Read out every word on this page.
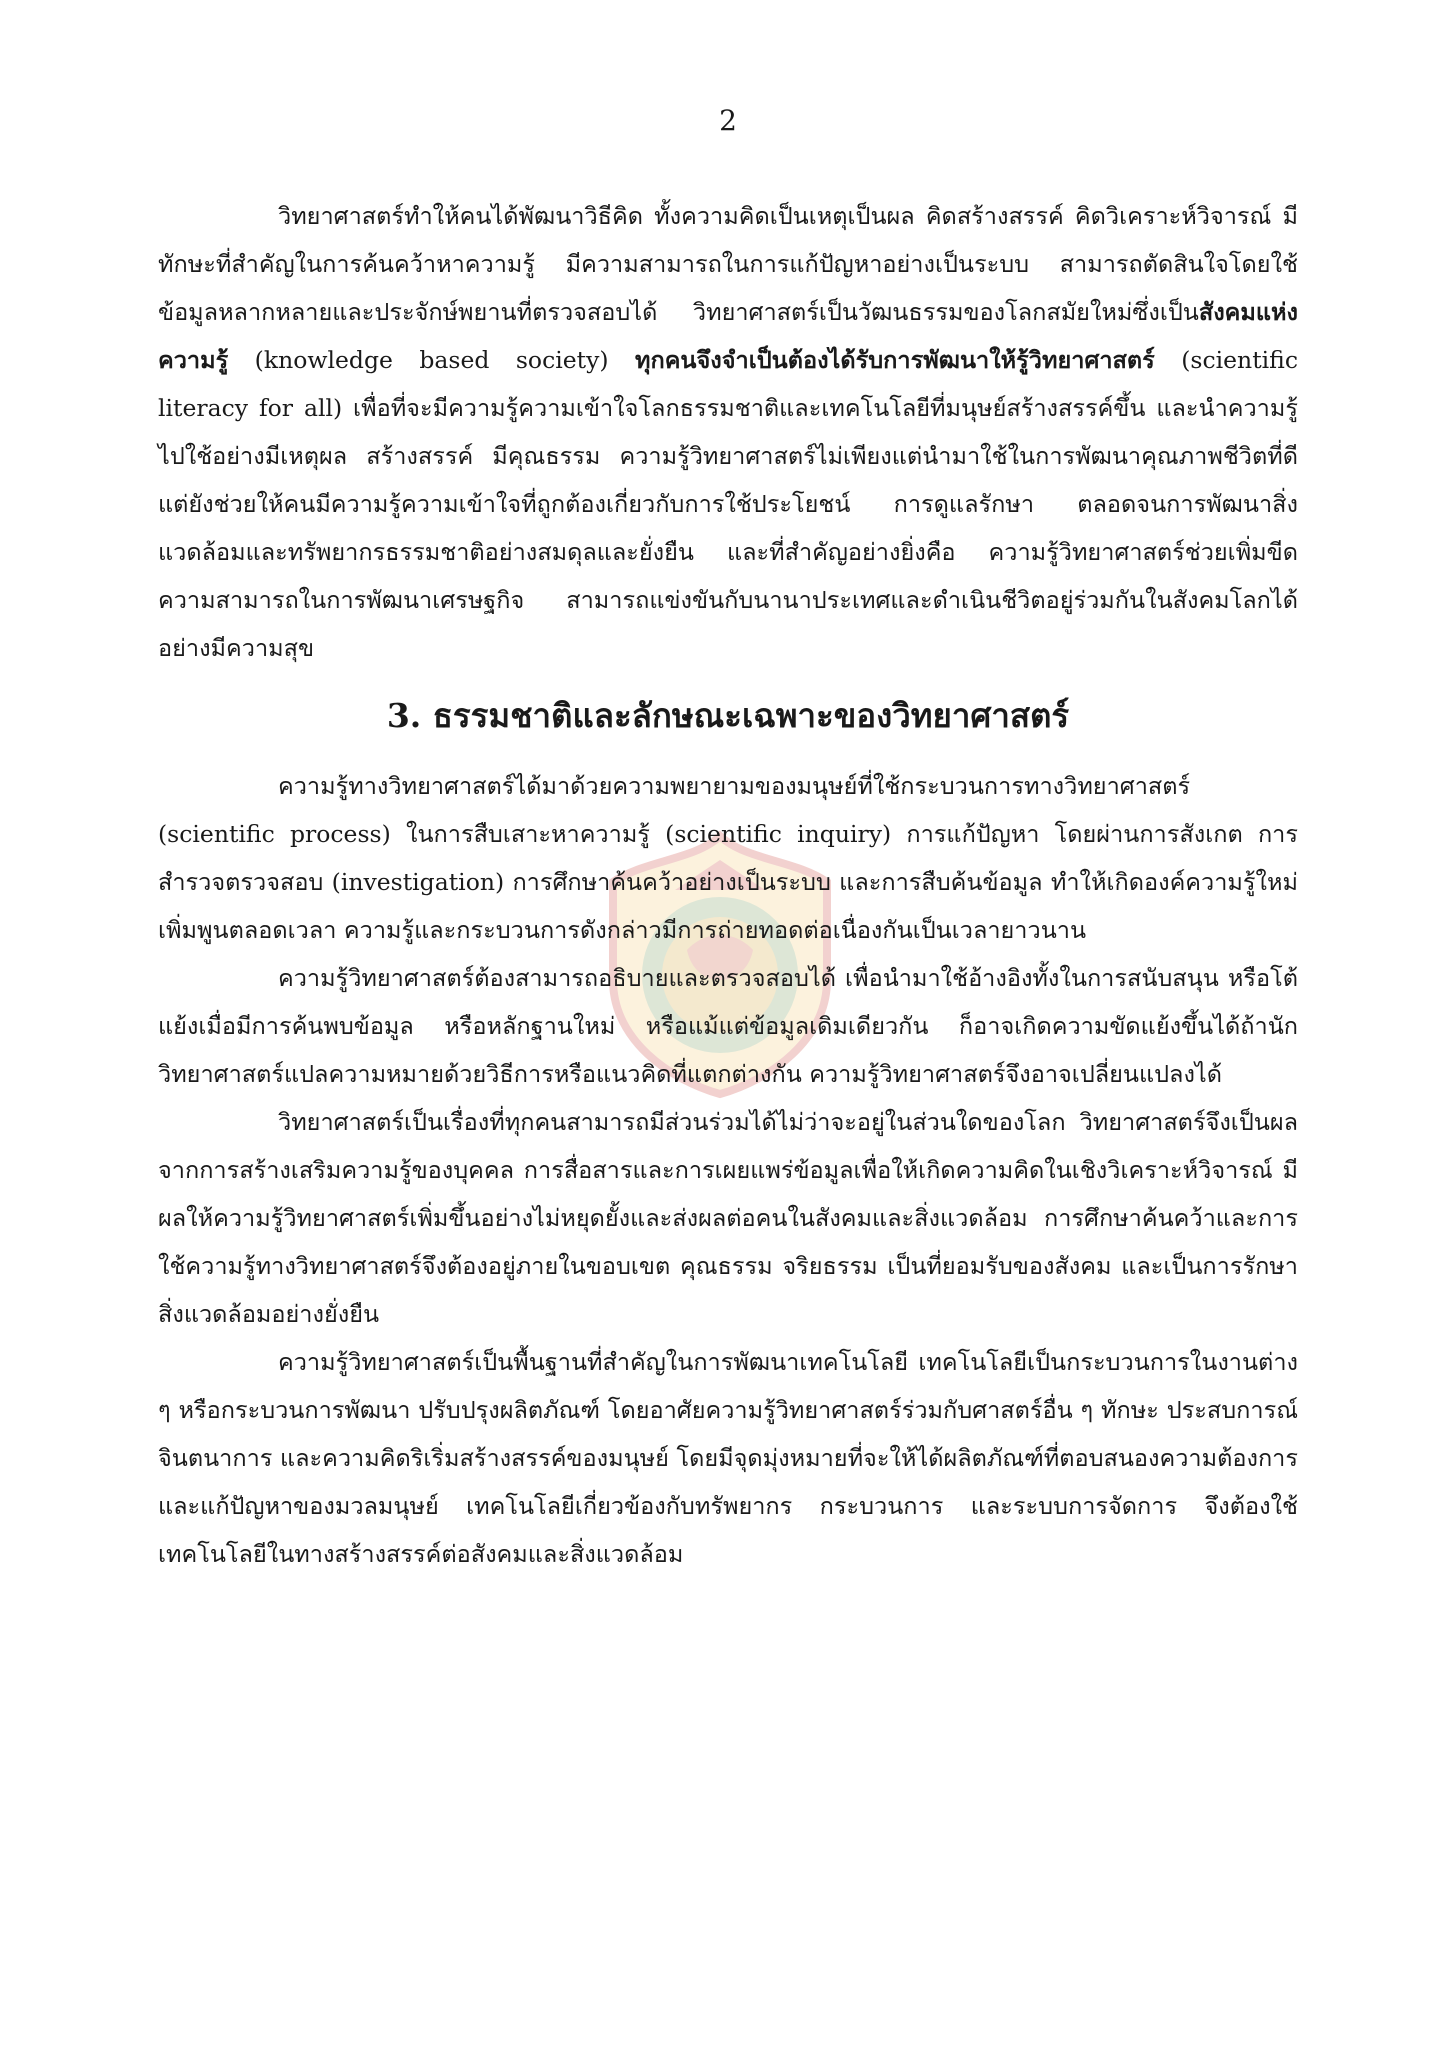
2

วิทยาศาสตร์ทำให้คนได้พัฒนาวิธีคิด ทั้งความคิดเป็นเหตุเป็นผล คิดสร้างสรรค์ คิดวิเคราะห์วิจารณ์ มีทักษะที่สำคัญในการค้นคว้าหาความรู้ มีความสามารถในการแก้ปัญหาอย่างเป็นระบบ สามารถตัดสินใจโดยใช้ข้อมูลหลากหลายและประจักษ์พยานที่ตรวจสอบได้ วิทยาศาสตร์เป็นวัฒนธรรมของโลกสมัยใหม่ซึ่งเป็นสังคมแห่งความรู้ (knowledge based society) ทุกคนจึงจำเป็นต้องได้รับการพัฒนาให้รู้วิทยาศาสตร์ (scientific literacy for all) เพื่อที่จะมีความรู้ความเข้าใจโลกธรรมชาติและเทคโนโลยีที่มนุษย์สร้างสรรค์ขึ้น และนำความรู้ไปใช้อย่างมีเหตุผล สร้างสรรค์ มีคุณธรรม ความรู้วิทยาศาสตร์ไม่เพียงแต่นำมาใช้ในการพัฒนาคุณภาพชีวิตที่ดี แต่ยังช่วยให้คนมีความรู้ความเข้าใจที่ถูกต้องเกี่ยวกับการใช้ประโยชน์ การดูแลรักษา ตลอดจนการพัฒนาสิ่งแวดล้อมและทรัพยากรธรรมชาติอย่างสมดุลและยั่งยืน และที่สำคัญอย่างยิ่งคือ ความรู้วิทยาศาสตร์ช่วยเพิ่มขีดความสามารถในการพัฒนาเศรษฐกิจ สามารถแข่งขันกับนานาประเทศและดำเนินชีวิตอยู่ร่วมกันในสังคมโลกได้อย่างมีความสุข

3. ธรรมชาติและลักษณะเฉพาะของวิทยาศาสตร์

ความรู้ทางวิทยาศาสตร์ได้มาด้วยความพยายามของมนุษย์ที่ใช้กระบวนการทางวิทยาศาสตร์ (scientific process) ในการสืบเสาะหาความรู้ (scientific inquiry) การแก้ปัญหา โดยผ่านการสังเกต การสำรวจตรวจสอบ (investigation) การศึกษาค้นคว้าอย่างเป็นระบบ และการสืบค้นข้อมูล ทำให้เกิดองค์ความรู้ใหม่เพิ่มพูนตลอดเวลา ความรู้และกระบวนการดังกล่าวมีการถ่ายทอดต่อเนื่องกันเป็นเวลายาวนาน

ความรู้วิทยาศาสตร์ต้องสามารถอธิบายและตรวจสอบได้ เพื่อนำมาใช้อ้างอิงทั้งในการสนับสนุน หรือโต้แย้งเมื่อมีการค้นพบข้อมูล หรือหลักฐานใหม่ หรือแม้แต่ข้อมูลเดิมเดียวกัน ก็อาจเกิดความขัดแย้งขึ้นได้ถ้านักวิทยาศาสตร์แปลความหมายด้วยวิธีการหรือแนวคิดที่แตกต่างกัน ความรู้วิทยาศาสตร์จึงอาจเปลี่ยนแปลงได้

วิทยาศาสตร์เป็นเรื่องที่ทุกคนสามารถมีส่วนร่วมได้ไม่ว่าจะอยู่ในส่วนใดของโลก วิทยาศาสตร์จึงเป็นผลจากการสร้างเสริมความรู้ของบุคคล การสื่อสารและการเผยแพร่ข้อมูลเพื่อให้เกิดความคิดในเชิงวิเคราะห์วิจารณ์ มีผลให้ความรู้วิทยาศาสตร์เพิ่มขึ้นอย่างไม่หยุดยั้งและส่งผลต่อคนในสังคมและสิ่งแวดล้อม การศึกษาค้นคว้าและการใช้ความรู้ทางวิทยาศาสตร์จึงต้องอยู่ภายในขอบเขต คุณธรรม จริยธรรม เป็นที่ยอมรับของสังคม และเป็นการรักษาสิ่งแวดล้อมอย่างยั่งยืน

ความรู้วิทยาศาสตร์เป็นพื้นฐานที่สำคัญในการพัฒนาเทคโนโลยี เทคโนโลยีเป็นกระบวนการในงานต่าง ๆ หรือกระบวนการพัฒนา ปรับปรุงผลิตภัณฑ์ โดยอาศัยความรู้วิทยาศาสตร์ร่วมกับศาสตร์อื่น ๆ ทักษะ ประสบการณ์ จินตนาการ และความคิดริเริ่มสร้างสรรค์ของมนุษย์ โดยมีจุดมุ่งหมายที่จะให้ได้ผลิตภัณฑ์ที่ตอบสนองความต้องการและแก้ปัญหาของมวลมนุษย์ เทคโนโลยีเกี่ยวข้องกับทรัพยากร กระบวนการ และระบบการจัดการ จึงต้องใช้เทคโนโลยีในทางสร้างสรรค์ต่อสังคมและสิ่งแวดล้อม
